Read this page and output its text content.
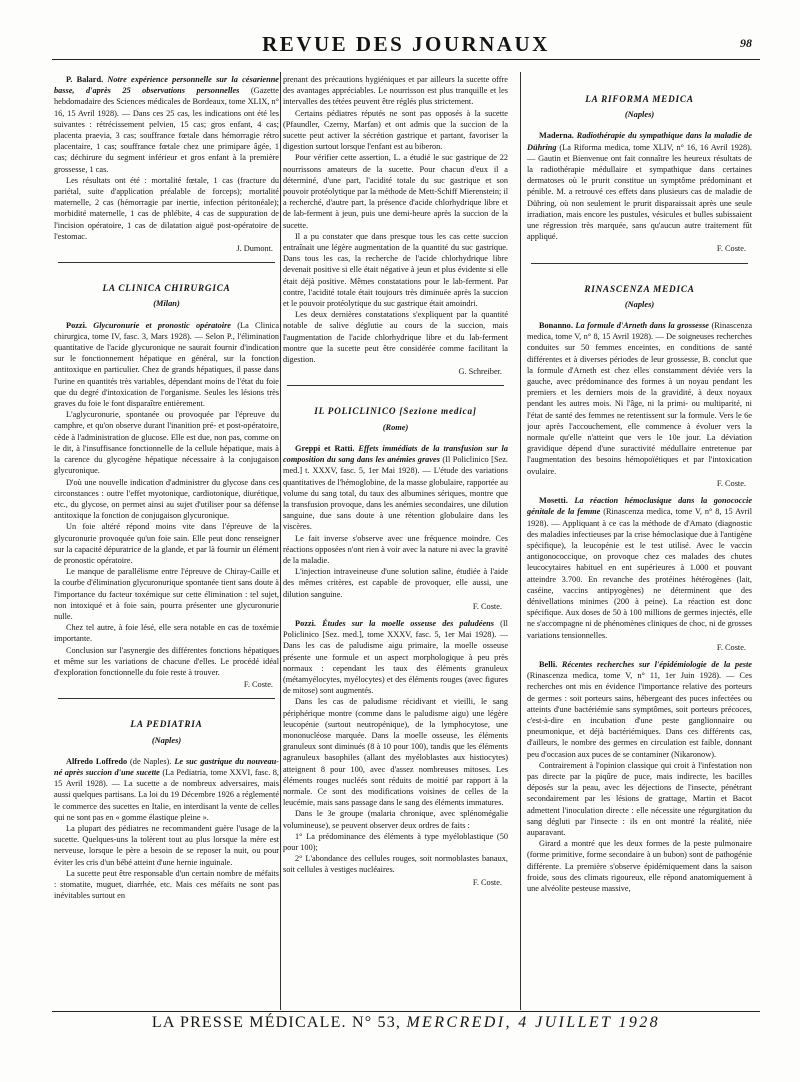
REVUE DES JOURNAUX	98

P. Balard. Notre expérience personnelle sur la césarienne basse, d'après 25 observations personnelles (Gazette hebdomadaire des Sciences médicales de Bordeaux, tome XLIX, n° 16, 15 Avril 1928). — Dans ces 25 cas, les indications ont été les suivantes : rétrécissement pelvien, 15 cas; gros enfant, 4 cas; placenta praevia, 3 cas; souffrance fœtale dans hémorragie rétro placentaire, 1 cas; souffrance fœtale chez une primipare âgée, 1 cas; déchirure du segment inférieur et gros enfant à la première grossesse, 1 cas.

Les résultats ont été : mortalité fœtale, 1 cas (fracture du pariétal, suite d'application préalable de forceps); mortalité maternelle, 2 cas (hémorragie par inertie, infection péritonéale); morbidité maternelle, 1 cas de phlébite, 4 cas de suppuration de l'incision opératoire, 1 cas de dilatation aiguë post-opératoire de l'estomac.

J. Dumont.

LA CLINICA CHIRURGICA
(Milan)

Pozzi. Glycuronurie et pronostic opératoire (La Clinica chirurgica, tome IV, fasc. 3, Mars 1928). — Selon P., l'élimination quantitative de l'acide glycuronique ne saurait fournir d'indication sur le fonctionnement hépatique en général, sur la fonction antitoxique en particulier. Chez de grands hépatiques, il passe dans l'urine en quantités très variables, dépendant moins de l'état du foie que du degré d'intoxication de l'organisme. Seules les lésions très graves du foie le font disparaître entièrement.

L'aglycuronurie, spontanée ou provoquée par l'épreuve du camphre, et qu'on observe durant l'inanition pré- et post-opératoire, cède à l'administration de glucose. Elle est due, non pas, comme on le dit, à l'insuffisance fonctionnelle de la cellule hépatique, mais à la carence du glycogène hépatique nécessaire à la conjugaison glycuronique.

D'où une nouvelle indication d'administrer du glycose dans ces circonstances : outre l'effet myotonique, cardiotonique, diurétique, etc., du glycose, on permet ainsi au sujet d'utiliser pour sa défense antitoxique la fonction de conjugaison glycuronique.

Un foie altéré répond moins vite dans l'épreuve de la glycuronurie provoquée qu'un foie sain. Elle peut donc renseigner sur la capacité dépuratrice de la glande, et par là fournir un élément de pronostic opératoire.

Le manque de parallélisme entre l'épreuve de Chiray-Caille et la courbe d'élimination glycuronurique spontanée tient sans doute à l'importance du facteur toxémique sur cette élimination : tel sujet, non intoxiqué et à foie sain, pourra présenter une glycuronurie nulle.

Chez tel autre, à foie lésé, elle sera notable en cas de toxémie importante.

Conclusion sur l'asynergie des différentes fonctions hépatiques et même sur les variations de chacune d'elles. Le procédé idéal d'exploration fonctionnelle du foie reste à trouver.

F. Coste.

LA PEDIATRIA
(Naples)

Alfredo Loffredo (de Naples). Le suc gastrique du nouveau-né après succion d'une sucette (La Pediatria, tome XXVI, fasc. 8, 15 Avril 1928). — La sucette a de nombreux adversaires, mais aussi quelques partisans. La loi du 19 Décembre 1926 a réglementé le commerce des sucettes en Italie, en interdisant la vente de celles qui ne sont pas en « gomme élastique pleine ».

La plupart des pédiatres ne recommandent guère l'usage de la sucette. Quelques-uns la tolèrent tout au plus lorsque la mère est nerveuse, lorsque le père a besoin de se reposer la nuit, ou pour éviter les cris d'un bébé atteint d'une hernie inguinale.

La sucette peut être responsable d'un certain nombre de méfaits : stomatite, muguet, diarrhée, etc. Mais ces méfaits ne sont pas inévitables surtout en

prenant des précautions hygiéniques et par ailleurs la sucette offre des avantages appréciables. Le nourrisson est plus tranquille et les intervalles des tétées peuvent être réglés plus strictement.

Certains pédiatres réputés ne sont pas opposés à la sucette (Pfaundler, Czerny, Marfan) et ont admis que la succion de la sucette peut activer la sécrétion gastrique et partant, favoriser la digestion surtout lorsque l'enfant est au biberon.

Pour vérifier cette assertion, L. a étudié le suc gastrique de 22 nourrissons amateurs de la sucette. Pour chacun d'eux il a déterminé, d'une part, l'acidité totale du suc gastrique et son pouvoir protéolytique par la méthode de Mett-Schiff Mierenstein; il a recherché, d'autre part, la présence d'acide chlorhydrique libre et de lab-ferment à jeun, puis une demi-heure après la succion de la sucette.

Il a pu constater que dans presque tous les cas cette succion entraînait une légère augmentation de la quantité du suc gastrique. Dans tous les cas, la recherche de l'acide chlorhydrique libre devenait positive si elle était négative à jeun et plus évidente si elle était déjà positive. Mêmes constatations pour le lab-ferment. Par contre, l'acidité totale était toujours très diminuée après la succion et le pouvoir protéolytique du suc gastrique était amoindri.

Les deux dernières constatations s'expliquent par la quantité notable de salive déglutie au cours de la succion, mais l'augmentation de l'acide chlorhydrique libre et du lab-ferment montre que la sucette peut être considérée comme facilitant la digestion.

G. Schreiber.

IL POLICLINICO [Sezione medica]
(Rome)

Greppi et Ratti. Effets immédiats de la transfusion sur la composition du sang dans les anémies graves (Il Policlinico [Sez. med.] t. XXXV, fasc. 5, 1er Mai 1928). — L'étude des variations quantitatives de l'hémoglobine, de la masse globulaire, rapportée au volume du sang total, du taux des albumines sériques, montre que la transfusion provoque, dans les anémies secondaires, une dilution sanguine, due sans doute à une rétention globulaire dans les viscères.

Le fait inverse s'observe avec une fréquence moindre. Ces réactions opposées n'ont rien à voir avec la nature ni avec la gravité de la maladie.

L'injection intraveineuse d'une solution saline, étudiée à l'aide des mêmes critères, est capable de provoquer, elle aussi, une dilution sanguine.

F. Coste.

Pozzi. Études sur la moelle osseuse des paludéens (Il Policlinico [Sez. med.], tome XXXV, fasc. 5, 1er Mai 1928). — Dans les cas de paludisme aigu primaire, la moelle osseuse présente une formule et un aspect morphologique à peu près normaux : cependant les taux des éléments granuleux (métamyélocytes, myélocytes) et des éléments rouges (avec figures de mitose) sont augmentés.

Dans les cas de paludisme récidivant et vieilli, le sang périphérique montre (comme dans le paludisme aigu) une légère leucopénie (surtout neutropénique), de la lymphocytose, une mononucléose marquée. Dans la moelle osseuse, les éléments granuleux sont diminués (8 à 10 pour 100), tandis que les éléments agranuleux basophiles (allant des myéloblastes aux histiocytes) atteignent 8 pour 100, avec d'assez nombreuses mitoses. Les éléments rouges nucléés sont réduits de moitié par rapport à la normale. Ce sont des modifications voisines de celles de la leucémie, mais sans passage dans le sang des éléments immatures.

Dans le 3e groupe (malaria chronique, avec splénomégalie volumineuse), se peuvent observer deux ordres de faits :

1° La prédominance des éléments à type myéloblastique (50 pour 100);

2° L'abondance des cellules rouges, soit normoblastes banaux, soit cellules à vestiges nucléaires.

F. Coste.

LA RIFORMA MEDICA
(Naples)

Maderna. Radiothérapie du sympathique dans la maladie de Dühring (La Riforma medica, tome XLIV, n° 16, 16 Avril 1928). — Gautin et Bienvenue ont fait connaître les heureux résultats de la radiothérapie médullaire et sympathique dans certaines dermatoses où le prurit constitue un symptôme prédominant et pénible. M. a retrouvé ces effets dans plusieurs cas de maladie de Dühring, où non seulement le prurit disparaissait après une seule irradiation, mais encore les pustules, vésicules et bulles subissaient une régression très marquée, sans qu'aucun autre traitement fût appliqué.

F. Coste.

RINASCENZA MEDICA
(Naples)

Bonanno. La formule d'Arneth dans la grossesse (Rinascenza medica, tome V, n° 8, 15 Avril 1928). — De soigneuses recherches conduites sur 50 femmes enceintes, en conditions de santé différentes et à diverses périodes de leur grossesse, B. conclut que la formule d'Arneth est chez elles constamment déviée vers la gauche, avec prédominance des formes à un noyau pendant les premiers et les derniers mois de la gravidité, à deux noyaux pendant les autres mois. Ni l'âge, ni la primi- ou multiparité, ni l'état de santé des femmes ne retentissent sur la formule. Vers le 6e jour après l'accouchement, elle commence à évoluer vers la normale qu'elle n'atteint que vers le 10e jour. La déviation gravidique dépend d'une suractivité médullaire entretenue par l'augmentation des besoins hémopoïétiques et par l'intoxication ovulaire.

F. Coste.

Mosetti. La réaction hémoclasique dans la gonococcie génitale de la femme (Rinascenza medica, tome V, n° 8, 15 Avril 1928). — Appliquant à ce cas la méthode de d'Amato (diagnostic des maladies infectieuses par la crise hémoclasique due à l'antigène spécifique), la leucopénie est le test utilisé. Avec le vaccin antigonococcique, on provoque chez ces malades des chutes leucocytaires habituel en ent supérieures à 1.000 et pouvant atteindre 3.700. En revanche des protéines hétérogènes (lait, caséine, vaccins antipyogènes) ne déterminent que des dénivellations minimes (200 à peine). La réaction est donc spécifique. Aux doses de 50 à 100 millions de germes injectés, elle ne s'accompagne ni de phénomènes cliniques de choc, ni de grosses variations tensionnelles.

F. Coste.

Belli. Récentes recherches sur l'épidémiologie de la peste (Rinascenza medica, tome V, n° 11, 1er Juin 1928). — Ces recherches ont mis en évidence l'importance relative des porteurs de germes : soit porteurs sains, hébergeant des puces infectées ou atteints d'une bactériémie sans symptômes, soit porteurs précoces, c'est-à-dire en incubation d'une peste ganglionnaire ou pneumonique, et déjà bactériémiques. Dans ces différents cas, d'ailleurs, le nombre des germes en circulation est faible, donnant peu d'occasion aux puces de se contaminer (Nikaronow).

Contrairement à l'opinion classique qui croit à l'infestation non pas directe par la piqûre de puce, mais indirecte, les bacilles déposés sur la peau, avec les déjections de l'insecte, pénétrant secondairement par les lésions de grattage, Martin et Bacot admettent l'inoculation directe : elle nécessite une régurgitation du sang dégluti par l'insecte : ils en ont montré la réalité, niée auparavant.

Girard a montré que les deux formes de la peste pulmonaire (forme primitive, forme secondaire à un bubon) sont de pathogénie différente. La première s'observe épidémiquement dans la saison froide, sous des climats rigoureux, elle répond anatomiquement à une alvéolite pesteuse massive,

LA PRESSE MÉDICALE. N° 53, MERCREDI, 4 JUILLET 1928
